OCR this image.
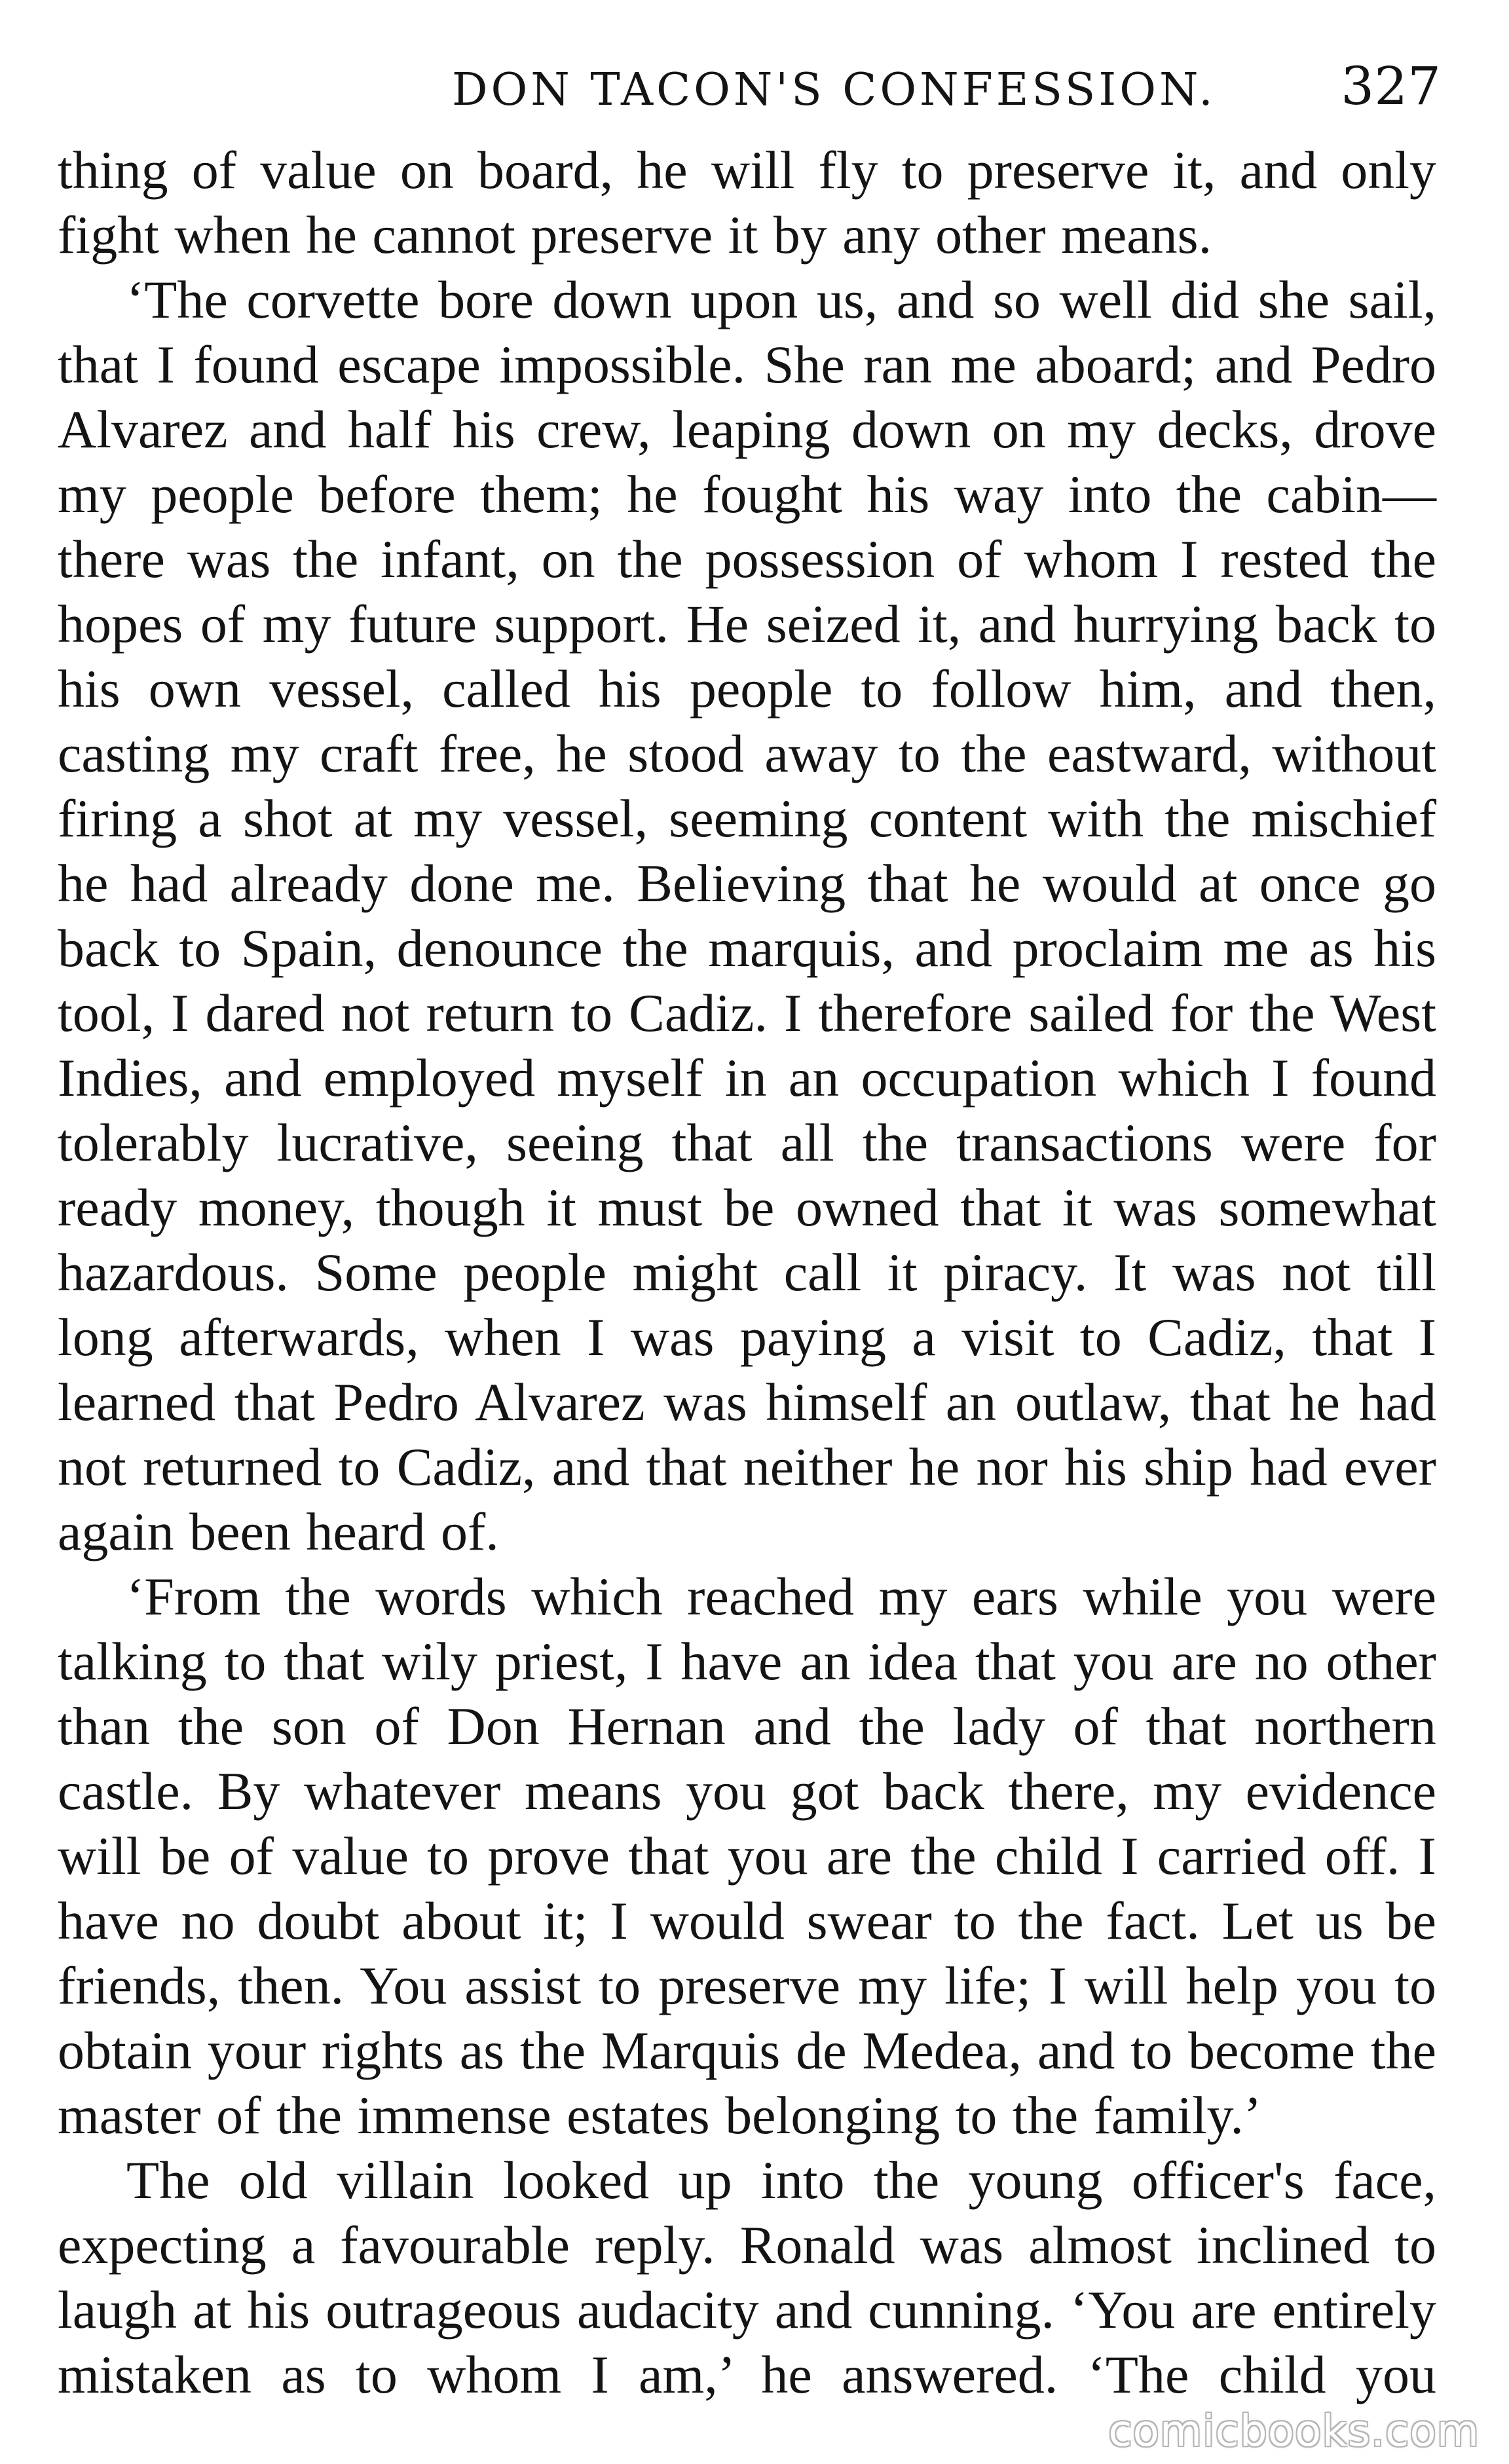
DON TACON'S CONFESSION. 327

thing of value on board, he will fly to preserve it, and only fight when he cannot preserve it by any other means.

‘The corvette bore down upon us, and so well did she sail, that I found escape impossible. She ran me aboard; and Pedro Alvarez and half his crew, leaping down on my decks, drove my people before them; he fought his way into the cabin—there was the infant, on the possession of whom I rested the hopes of my future support. He seized it, and hurrying back to his own vessel, called his people to follow him, and then, casting my craft free, he stood away to the eastward, without firing a shot at my vessel, seeming content with the mischief he had already done me. Believing that he would at once go back to Spain, denounce the marquis, and proclaim me as his tool, I dared not return to Cadiz. I therefore sailed for the West Indies, and employed myself in an occupation which I found tolerably lucrative, seeing that all the transactions were for ready money, though it must be owned that it was somewhat hazardous. Some people might call it piracy. It was not till long afterwards, when I was paying a visit to Cadiz, that I learned that Pedro Alvarez was himself an outlaw, that he had not returned to Cadiz, and that neither he nor his ship had ever again been heard of.

‘From the words which reached my ears while you were talking to that wily priest, I have an idea that you are no other than the son of Don Hernan and the lady of that northern castle. By whatever means you got back there, my evidence will be of value to prove that you are the child I carried off. I have no doubt about it; I would swear to the fact. Let us be friends, then. You assist to preserve my life; I will help you to obtain your rights as the Marquis de Medea, and to become the master of the immense estates belonging to the family.’

The old villain looked up into the young officer's face, expecting a favourable reply. Ronald was almost inclined to laugh at his outrageous audacity and cunning. ‘You are entirely mistaken as to whom I am,’ he answered. ‘The child you

comicbooks.com
